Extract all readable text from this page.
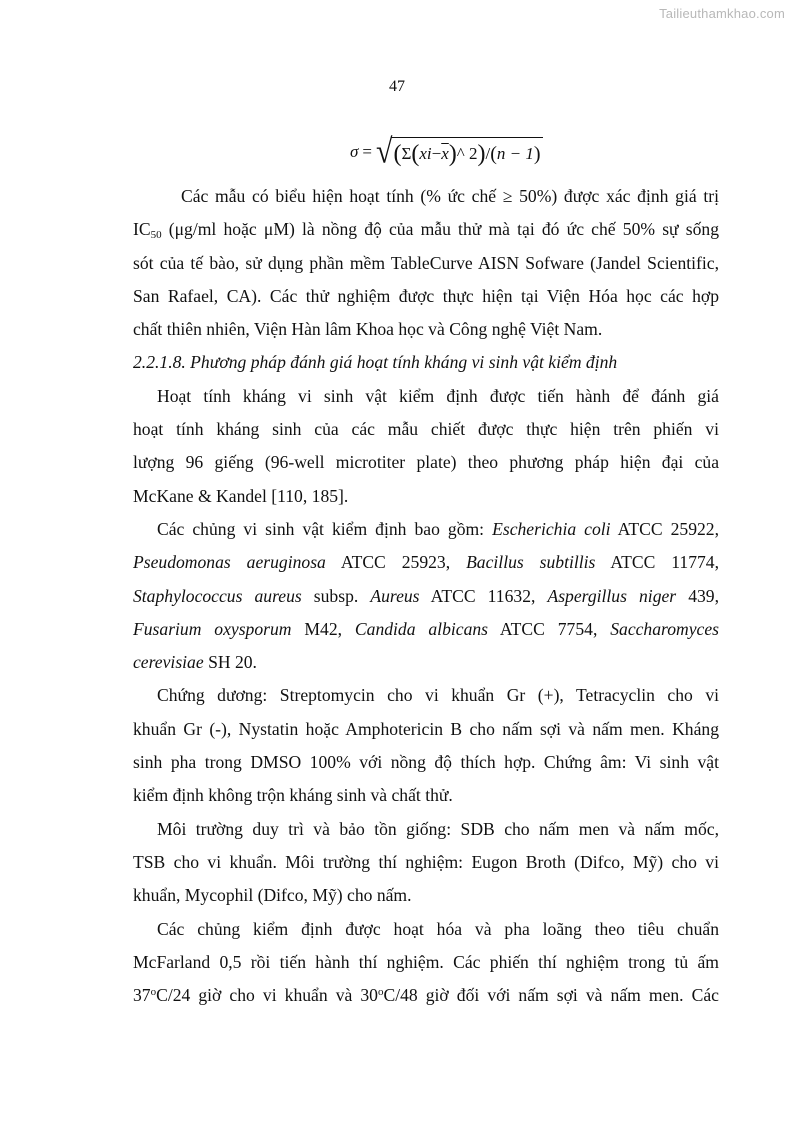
Tailieuthamkhao.com
47
σ = √ ( Σ ( xi − $\overline{x}$ ) ^ 2 ) / ( n − 1 )
Các mẫu có biểu hiện hoạt tính (% ức chế ≥ 50%) được xác định giá trị
$IC_{50}$ (μg/ml hoặc μM) là nồng độ của mẫu thử mà tại đó ức chế 50% sự sống
sót của tế bào, sử dụng phần mềm TableCurve AISN Sofware (Jandel Scientific,
San Rafael, CA). Các thử nghiệm được thực hiện tại Viện Hóa học các hợp
chất thiên nhiên, Viện Hàn lâm Khoa học và Công nghệ Việt Nam.
2.2.1.8. Phương pháp đánh giá hoạt tính kháng vi sinh vật kiểm định
Hoạt tính kháng vi sinh vật kiểm định được tiến hành để đánh giá
hoạt tính kháng sinh của các mẫu chiết được thực hiện trên phiến vi
lượng 96 giếng (96-well microtiter plate) theo phương pháp hiện đại của
McKane & Kandel [110, 185].
Các chủng vi sinh vật kiểm định bao gồm: Escherichia coli ATCC 25922,
Pseudomonas aeruginosa ATCC 25923, Bacillus subtillis ATCC 11774,
Staphylococcus aureus subsp. Aureus ATCC 11632, Aspergillus niger 439,
Fusarium oxysporum M42, Candida albicans ATCC 7754, Saccharomyces
cerevisiae SH 20.
Chứng dương: Streptomycin cho vi khuẩn Gr (+), Tetracyclin cho vi
khuẩn Gr (-), Nystatin hoặc Amphotericin B cho nấm sợi và nấm men. Kháng
sinh pha trong DMSO 100% với nồng độ thích hợp. Chứng âm: Vi sinh vật
kiểm định không trộn kháng sinh và chất thử.
Môi trường duy trì và bảo tồn giống: SDB cho nấm men và nấm mốc,
TSB cho vi khuẩn. Môi trường thí nghiệm: Eugon Broth (Difco, Mỹ) cho vi
khuẩn, Mycophil (Difco, Mỹ) cho nấm.
Các chủng kiểm định được hoạt hóa và pha loãng theo tiêu chuẩn
McFarland 0,5 rồi tiến hành thí nghiệm. Các phiến thí nghiệm trong tủ ấm
37$^o$C/24 giờ cho vi khuẩn và 30$^o$C/48 giờ đối với nấm sợi và nấm men. Các
